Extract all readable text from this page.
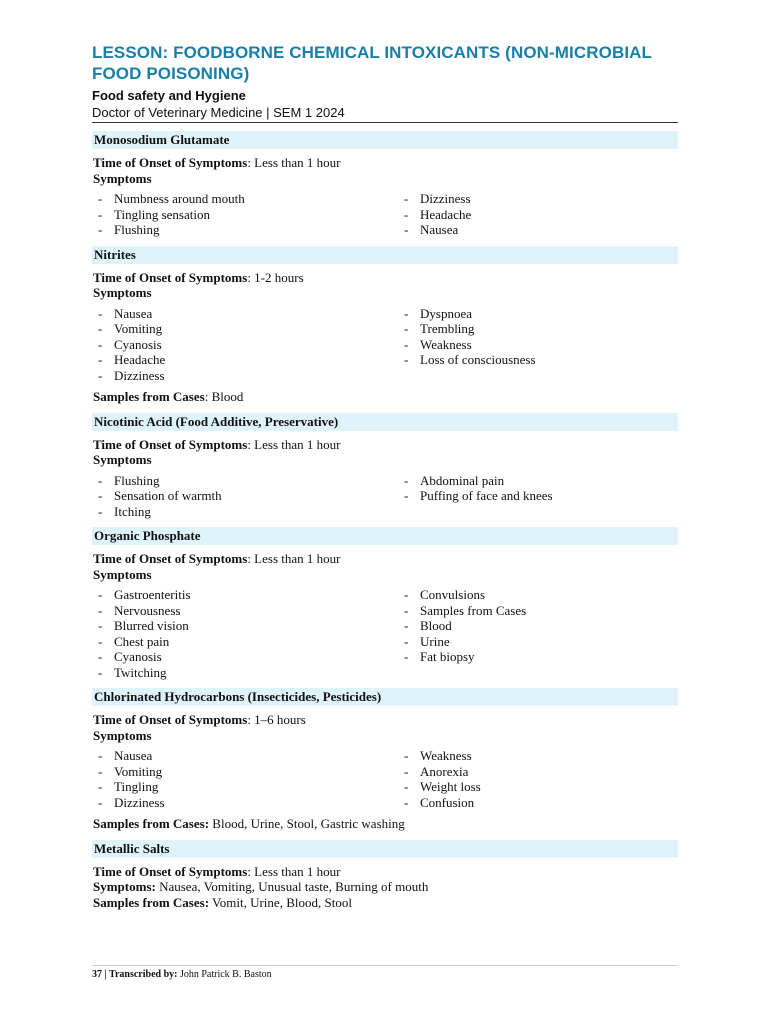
LESSON: FOODBORNE CHEMICAL INTOXICANTS (NON-MICROBIAL FOOD POISONING)
Food safety and Hygiene
Doctor of Veterinary Medicine | SEM 1 2024
Monosodium Glutamate
Time of Onset of Symptoms: Less than 1 hour
Symptoms
- Numbness around mouth
- Tingling sensation
- Flushing
- Dizziness
- Headache
- Nausea
Nitrites
Time of Onset of Symptoms: 1-2 hours
Symptoms
- Nausea
- Vomiting
- Cyanosis
- Headache
- Dizziness
- Dyspnoea
- Trembling
- Weakness
- Loss of consciousness
Samples from Cases: Blood
Nicotinic Acid (Food Additive, Preservative)
Time of Onset of Symptoms: Less than 1 hour
Symptoms
- Flushing
- Sensation of warmth
- Itching
- Abdominal pain
- Puffing of face and knees
Organic Phosphate
Time of Onset of Symptoms: Less than 1 hour
Symptoms
- Gastroenteritis
- Nervousness
- Blurred vision
- Chest pain
- Cyanosis
- Twitching
- Convulsions
- Samples from Cases
- Blood
- Urine
- Fat biopsy
Chlorinated Hydrocarbons (Insecticides, Pesticides)
Time of Onset of Symptoms: 1–6 hours
Symptoms
- Nausea
- Vomiting
- Tingling
- Dizziness
- Weakness
- Anorexia
- Weight loss
- Confusion
Samples from Cases: Blood, Urine, Stool, Gastric washing
Metallic Salts
Time of Onset of Symptoms: Less than 1 hour
Symptoms: Nausea, Vomiting, Unusual taste, Burning of mouth
Samples from Cases: Vomit, Urine, Blood, Stool
37 | Transcribed by: John Patrick B. Baston
